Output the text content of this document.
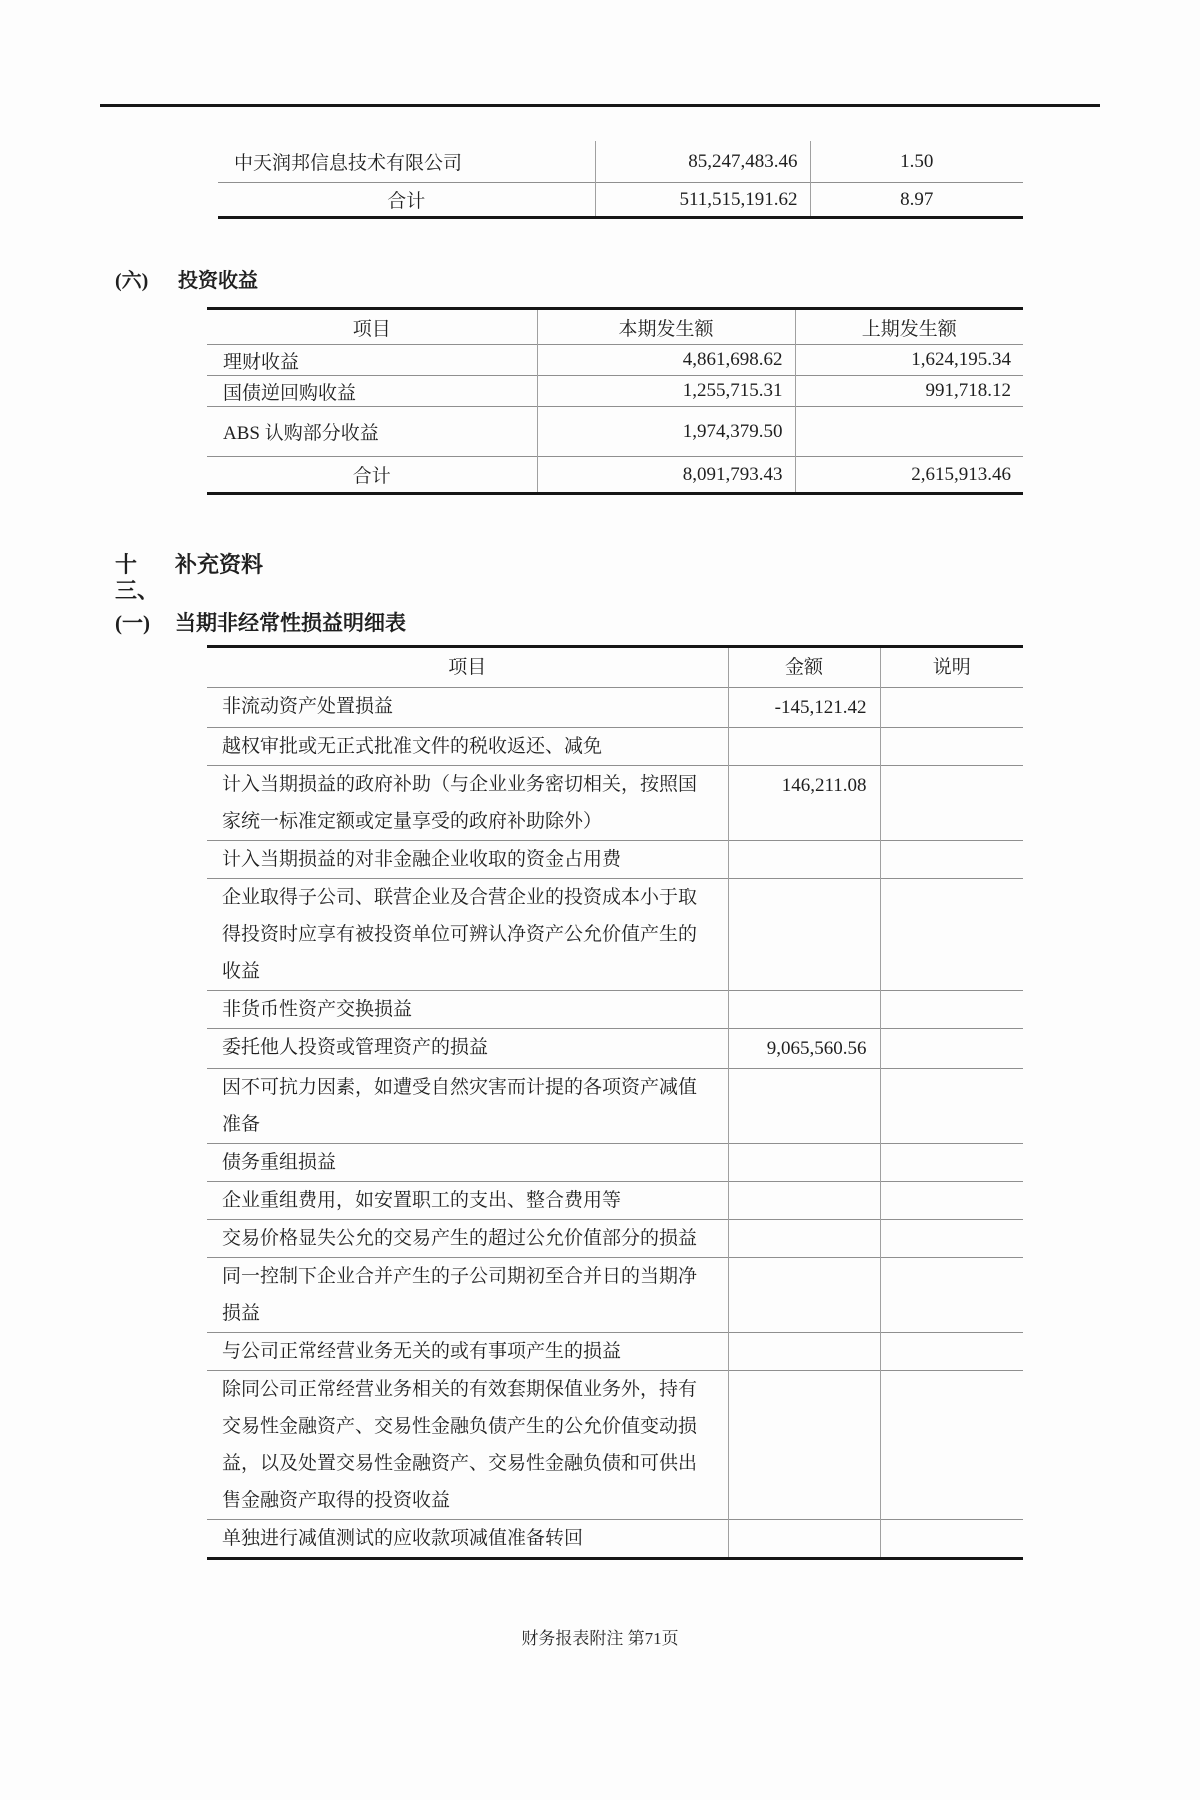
中天润邦信息技术有限公司	85,247,483.46	1.50
合计	511,515,191.62	8.97
(六)	投资收益
项目	本期发生额	上期发生额
理财收益	4,861,698.62	1,624,195.34
国债逆回购收益	1,255,715.31	991,718.12
ABS 认购部分收益	1,974,379.50	
合计	8,091,793.43	2,615,913.46
十三、
补充资料
(一)	当期非经常性损益明细表
项目	金额	说明
非流动资产处置损益	-145,121.42	
越权审批或无正式批准文件的税收返还、减免		
计入当期损益的政府补助（与企业业务密切相关，按照国家统一标准定额或定量享受的政府补助除外）	146,211.08	
计入当期损益的对非金融企业收取的资金占用费		
企业取得子公司、联营企业及合营企业的投资成本小于取得投资时应享有被投资单位可辨认净资产公允价值产生的收益		
非货币性资产交换损益		
委托他人投资或管理资产的损益	9,065,560.56	
因不可抗力因素，如遭受自然灾害而计提的各项资产减值准备		
债务重组损益		
企业重组费用，如安置职工的支出、整合费用等		
交易价格显失公允的交易产生的超过公允价值部分的损益		
同一控制下企业合并产生的子公司期初至合并日的当期净损益		
与公司正常经营业务无关的或有事项产生的损益		
除同公司正常经营业务相关的有效套期保值业务外，持有交易性金融资产、交易性金融负债产生的公允价值变动损益，以及处置交易性金融资产、交易性金融负债和可供出售金融资产取得的投资收益		
单独进行减值测试的应收款项减值准备转回		
财务报表附注 第71页
